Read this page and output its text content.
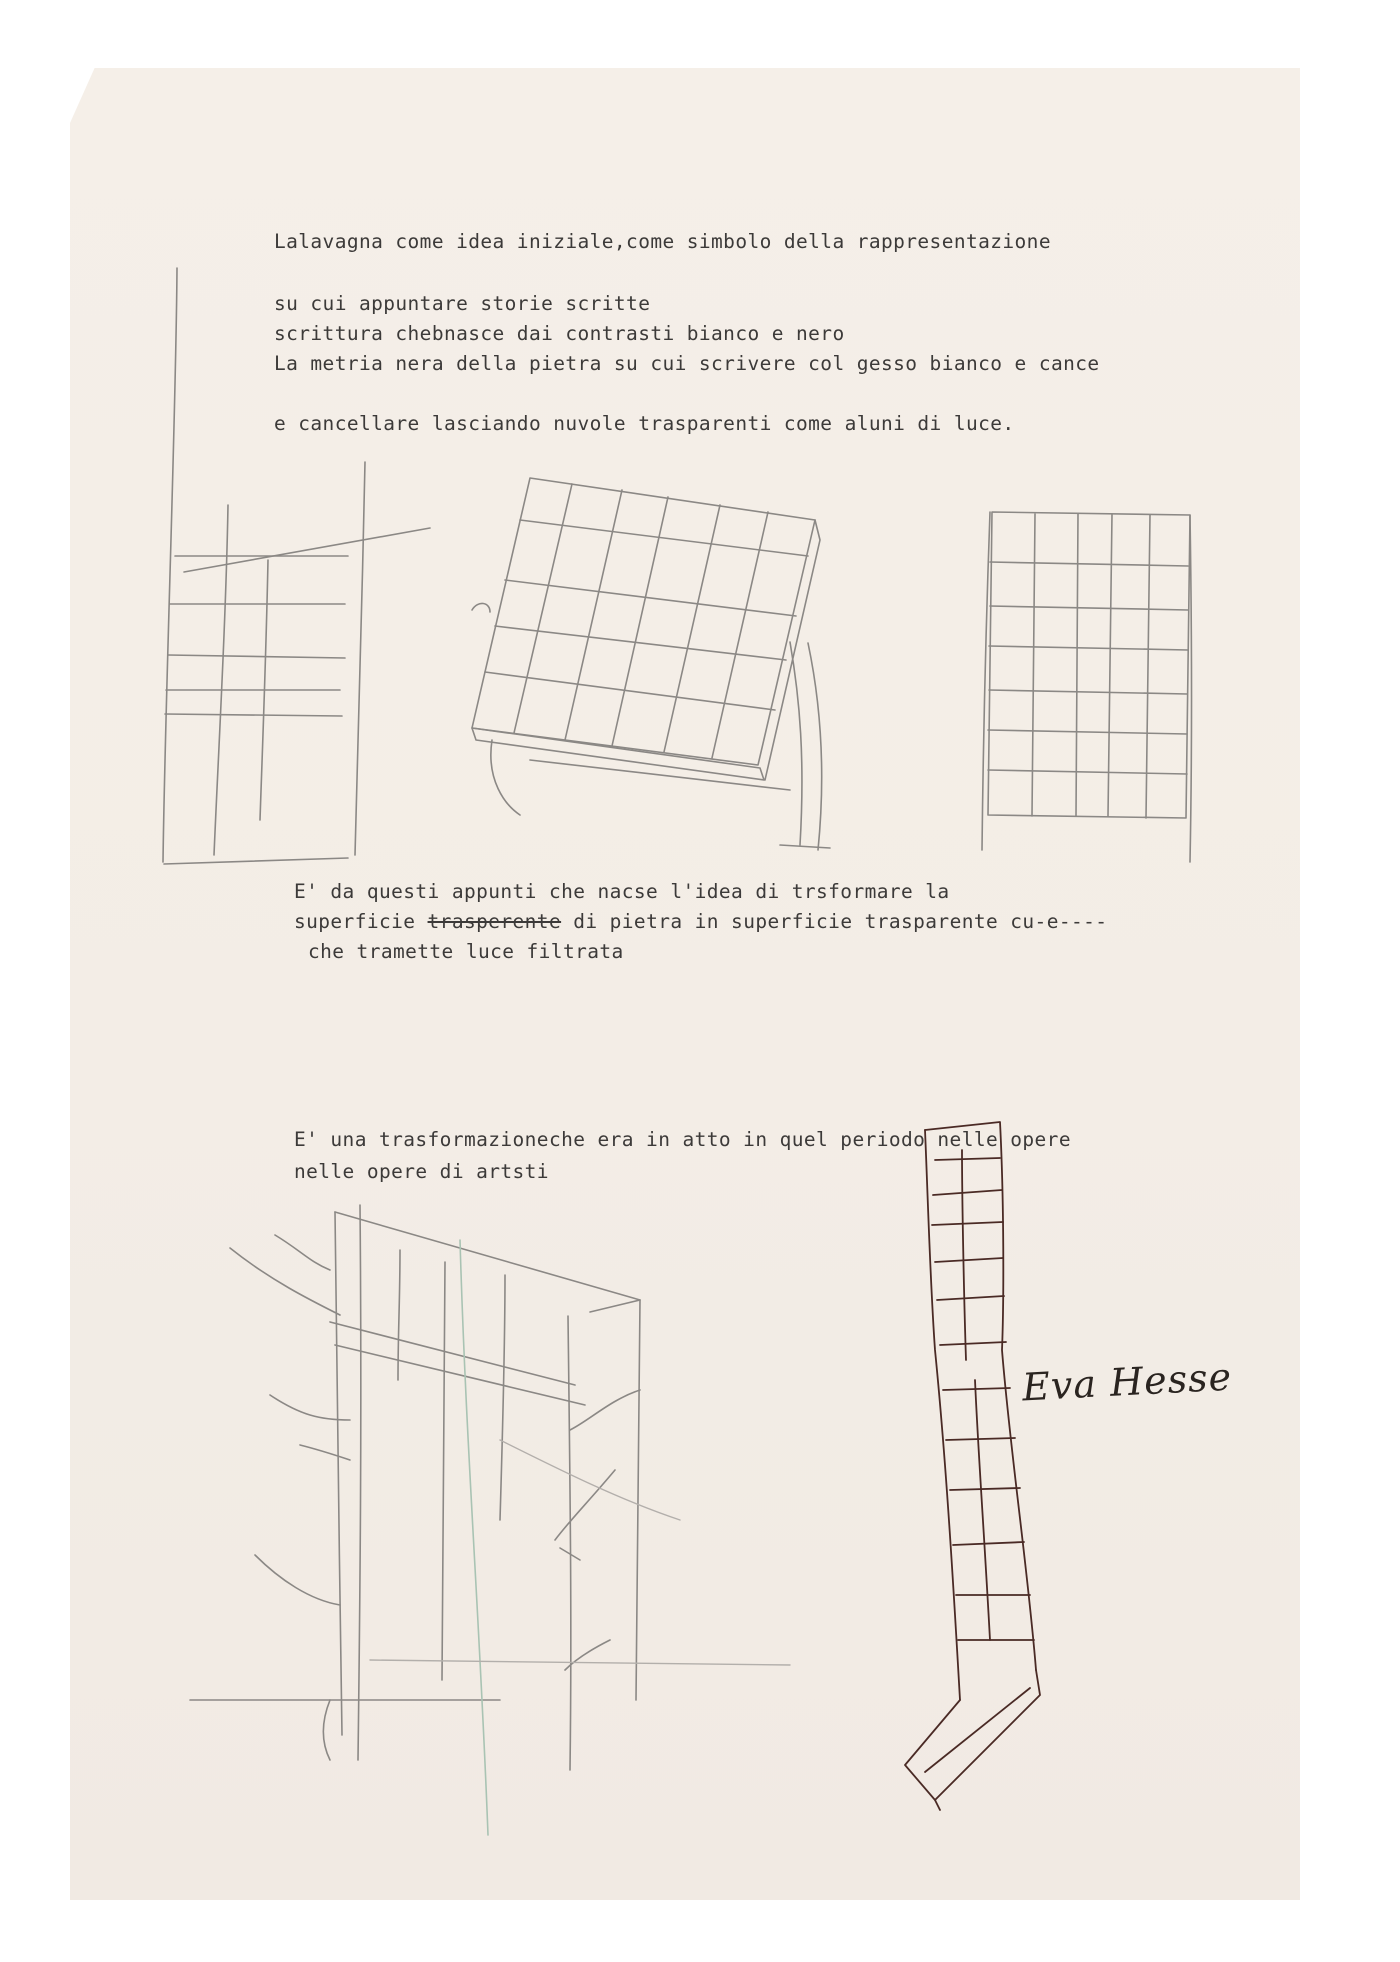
Lalavagna come idea iniziale,come simbolo della rappresentazione

su cui appuntare storie scritte

scrittura chebnasce dai contrasti bianco e nero

La metria nera della pietra su cui scrivere col gesso bianco e cance

e cancellare lasciando nuvole trasparenti come aluni di luce.

E' da questi appunti che nacse l'idea di trsformare la

superficie trasperente di pietra in superficie trasparente cu-e----

che tramette luce filtrata

E' una trasformazioneche era in atto in quel periodo nelle opere

nelle opere di artsti

Eva Hesse
